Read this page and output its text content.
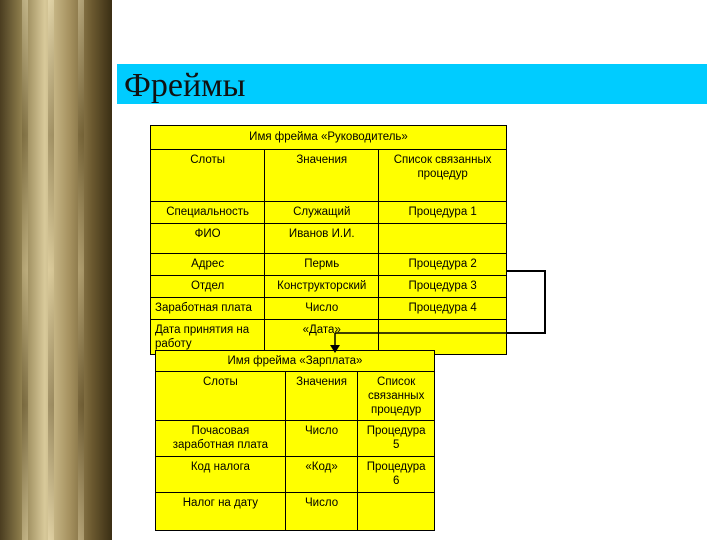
Фреймы
Имя фрейма «Руководитель»		
Слоты	Значения	Список связанных процедур
Специальность	Служащий	Процедура 1
ФИО	Иванов И.И.	
Адрес	Пермь	Процедура 2
Отдел	Конструкторский	Процедура 3
Заработная плата	Число	Процедура 4
Дата принятия на работу	«Дата»	
Имя фрейма «Зарплата»		
Слоты	Значения	Список связанных процедур
Почасовая заработная плата	Число	Процедура 5
Код налога	«Код»	Процедура 6
Налог на дату	Число	
